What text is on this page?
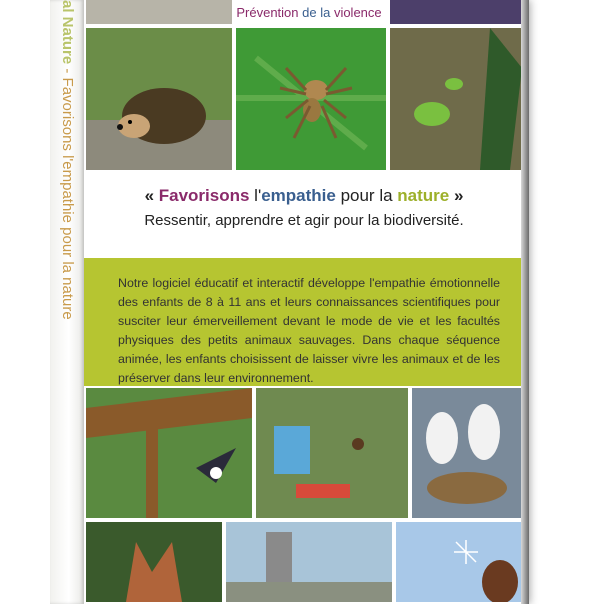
al Nature - Favorisons l'empathie pour la nature
Prévention de la violence
« Favorisons l'empathie pour la nature »
Ressentir, apprendre et agir pour la biodiversité.

Notre logiciel éducatif et interactif développe l'empathie émotionnelle des enfants de 8 à 11 ans et leurs connaissances scientifiques pour susciter leur émerveillement devant le mode de vie et les facultés physiques des petits animaux sauvages. Dans chaque séquence animée, les enfants choisissent de laisser vivre les animaux et de les préserver dans leur environnement.
